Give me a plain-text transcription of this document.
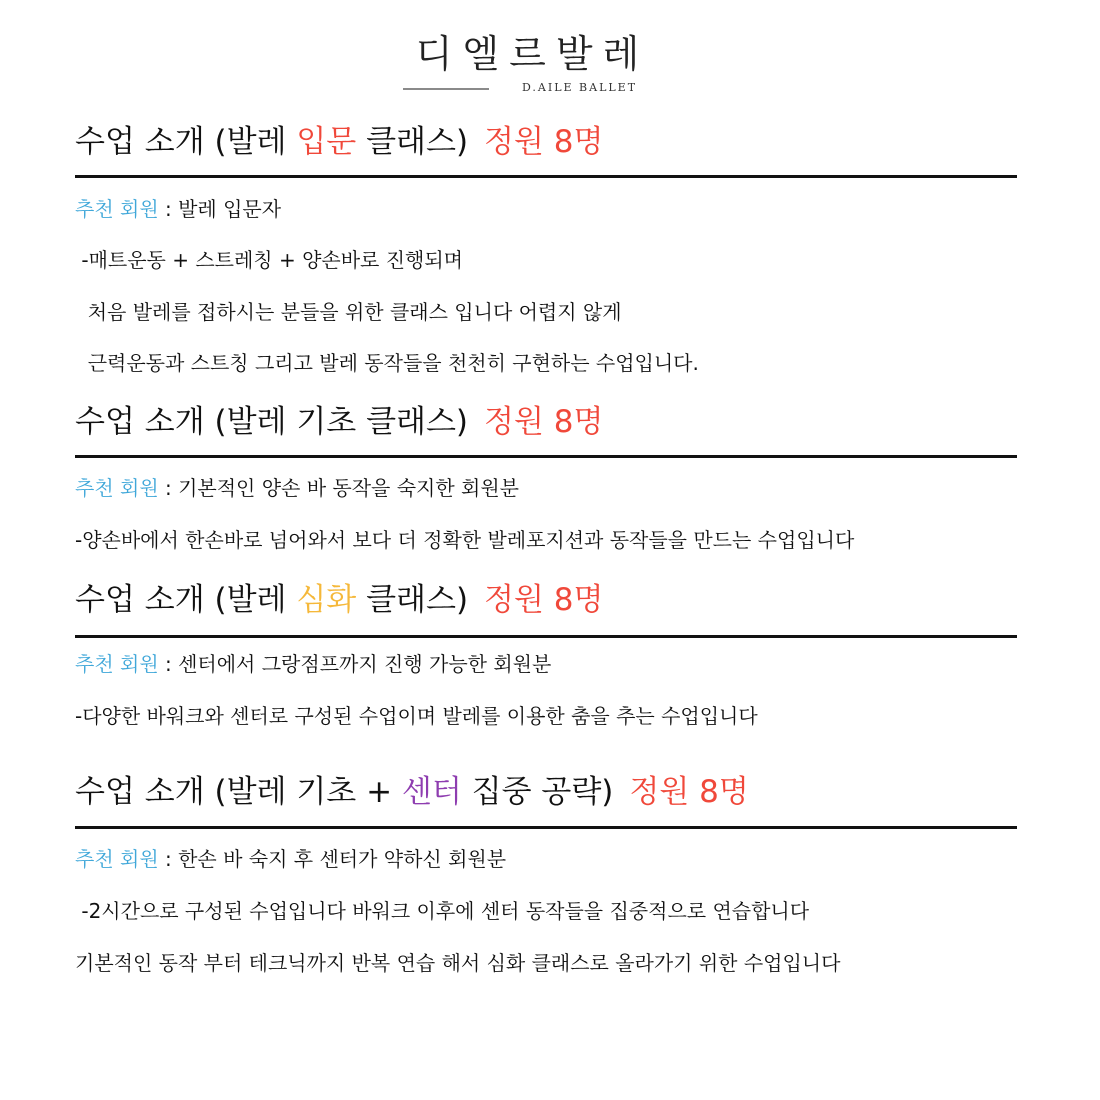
디엘르발레
D.AILE BALLET
수업 소개 (발레 입문 클래스) 정원 8명
추천 회원 : 발레 입문자
-매트운동 + 스트레칭 + 양손바로 진행되며
처음 발레를 접하시는 분들을 위한 클래스 입니다 어렵지 않게
근력운동과 스트칭 그리고 발레 동작들을 천천히 구현하는 수업입니다.
수업 소개 (발레 기초 클래스) 정원 8명
추천 회원 : 기본적인 양손 바 동작을 숙지한 회원분
-양손바에서 한손바로 넘어와서 보다 더 정확한 발레포지션과 동작들을 만드는 수업입니다
수업 소개 (발레 심화 클래스) 정원 8명
추천 회원 : 센터에서 그랑점프까지 진행 가능한 회원분
-다양한 바워크와 센터로 구성된 수업이며 발레를 이용한 춤을 추는 수업입니다
수업 소개 (발레 기초 + 센터 집중 공략) 정원 8명
추천 회원 : 한손 바 숙지 후 센터가 약하신 회원분
-2시간으로 구성된 수업입니다 바워크 이후에 센터 동작들을 집중적으로 연습합니다
기본적인 동작 부터 테크닉까지 반복 연습 해서 심화 클래스로 올라가기 위한 수업입니다
